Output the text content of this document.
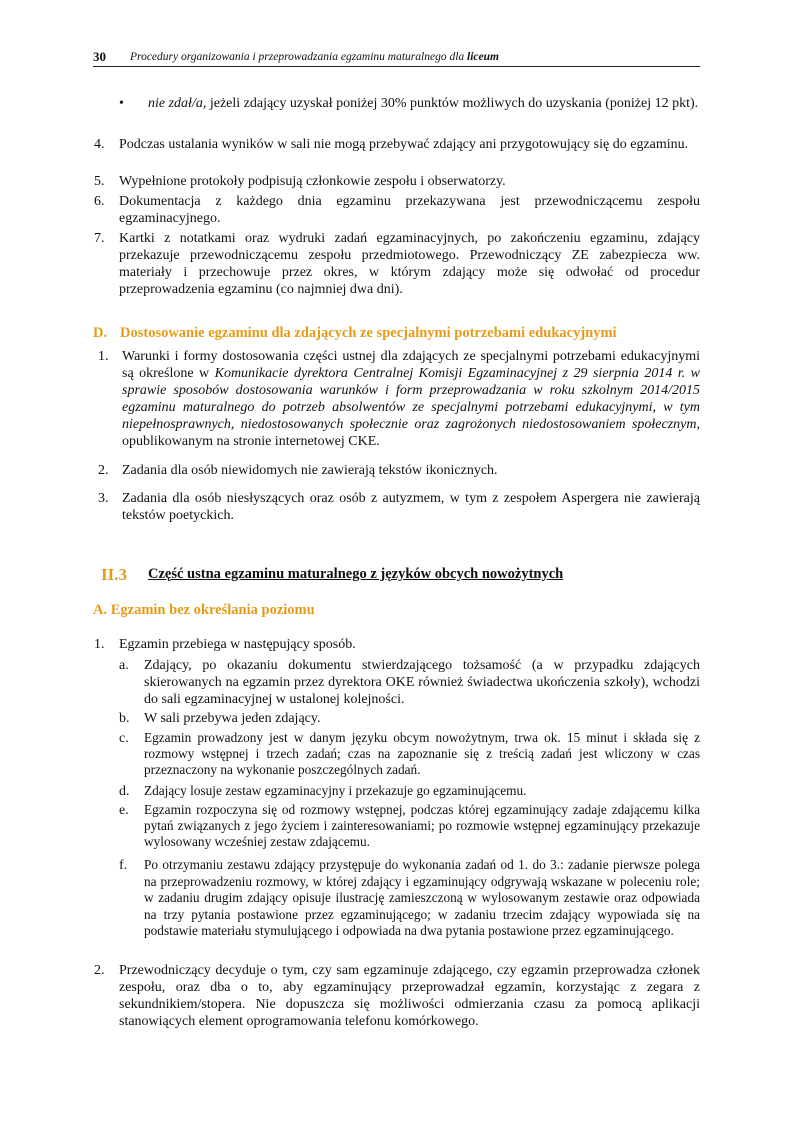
30 Procedury organizowania i przeprowadzania egzaminu maturalnego dla liceum
• nie zdał/a, jeżeli zdający uzyskał poniżej 30% punktów możliwych do uzyskania (poniżej 12 pkt).
4. Podczas ustalania wyników w sali nie mogą przebywać zdający ani przygotowujący się do egzaminu.
5. Wypełnione protokoły podpisują członkowie zespołu i obserwatorzy.
6. Dokumentacja z każdego dnia egzaminu przekazywana jest przewodniczącemu zespołu egzaminacyjnego.
7. Kartki z notatkami oraz wydruki zadań egzaminacyjnych, po zakończeniu egzaminu, zdający przekazuje przewodniczącemu zespołu przedmiotowego. Przewodniczący ZE zabezpiecza ww. materiały i przechowuje przez okres, w którym zdający może się odwołać od procedur przeprowadzenia egzaminu (co najmniej dwa dni).
D. Dostosowanie egzaminu dla zdających ze specjalnymi potrzebami edukacyjnymi
1. Warunki i formy dostosowania części ustnej dla zdających ze specjalnymi potrzebami edukacyjnymi są określone w Komunikacie dyrektora Centralnej Komisji Egzaminacyjnej z 29 sierpnia 2014 r. w sprawie sposobów dostosowania warunków i form przeprowadzania w roku szkolnym 2014/2015 egzaminu maturalnego do potrzeb absolwentów ze specjalnymi potrzebami edukacyjnymi, w tym niepełnosprawnych, niedostosowanych społecznie oraz zagrożonych niedostosowaniem społecznym, opublikowanym na stronie internetowej CKE.
2. Zadania dla osób niewidomych nie zawierają tekstów ikonicznych.
3. Zadania dla osób niesłyszących oraz osób z autyzmem, w tym z zespołem Aspergera nie zawierają tekstów poetyckich.
II.3 Część ustna egzaminu maturalnego z języków obcych nowożytnych
A. Egzamin bez określania poziomu
1. Egzamin przebiega w następujący sposób.
a. Zdający, po okazaniu dokumentu stwierdzającego tożsamość (a w przypadku zdających skierowanych na egzamin przez dyrektora OKE również świadectwa ukończenia szkoły), wchodzi do sali egzaminacyjnej w ustalonej kolejności.
b. W sali przebywa jeden zdający.
c. Egzamin prowadzony jest w danym języku obcym nowożytnym, trwa ok. 15 minut i składa się z rozmowy wstępnej i trzech zadań; czas na zapoznanie się z treścią zadań jest wliczony w czas przeznaczony na wykonanie poszczególnych zadań.
d. Zdający losuje zestaw egzaminacyjny i przekazuje go egzaminującemu.
e. Egzamin rozpoczyna się od rozmowy wstępnej, podczas której egzaminujący zadaje zdającemu kilka pytań związanych z jego życiem i zainteresowaniami; po rozmowie wstępnej egzaminujący przekazuje wylosowany wcześniej zestaw zdającemu.
f. Po otrzymaniu zestawu zdający przystępuje do wykonania zadań od 1. do 3.: zadanie pierwsze polega na przeprowadzeniu rozmowy, w której zdający i egzaminujący odgrywają wskazane w poleceniu role; w zadaniu drugim zdający opisuje ilustrację zamieszczoną w wylosowanym zestawie oraz odpowiada na trzy pytania postawione przez egzaminującego; w zadaniu trzecim zdający wypowiada się na podstawie materiału stymulującego i odpowiada na dwa pytania postawione przez egzaminującego.
2. Przewodniczący decyduje o tym, czy sam egzaminuje zdającego, czy egzamin przeprowadza członek zespołu, oraz dba o to, aby egzaminujący przeprowadzał egzamin, korzystając z zegara z sekundnikiem/stopera. Nie dopuszcza się możliwości odmierzania czasu za pomocą aplikacji stanowiących element oprogramowania telefonu komórkowego.
